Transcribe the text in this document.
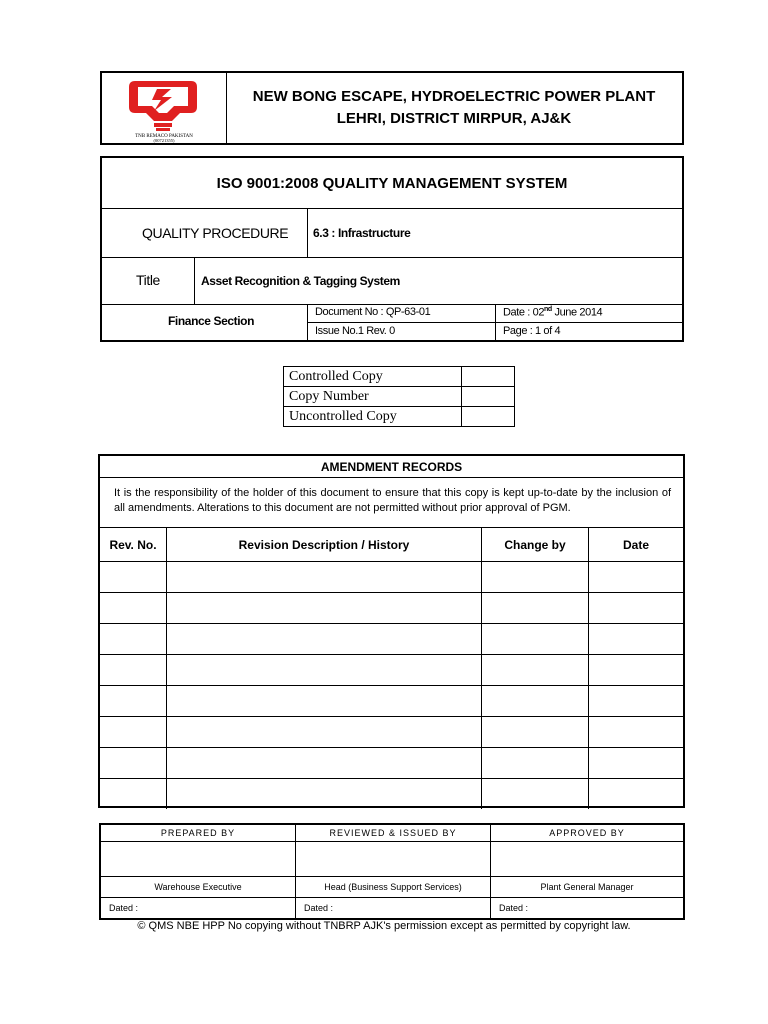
TNB REMACO PAKISTAN
(00721355)
NEW BONG ESCAPE, HYDROELECTRIC POWER PLANT
LEHRI, DISTRICT MIRPUR, AJ&K
ISO 9001:2008 QUALITY MANAGEMENT SYSTEM
QUALITY PROCEDURE 6.3 : Infrastructure
Title	Asset Recognition & Tagging System
Finance Section
Document No : QP-63-01	Date : 02nd June 2014
Issue No.1 Rev. 0	Page : 1 of 4
Controlled Copy	
Copy Number	
Uncontrolled Copy	
AMENDMENT RECORDS
It is the responsibility of the holder of this document to ensure that this copy is kept up-to-date by the inclusion of all amendments. Alterations to this document are not permitted without prior approval of PGM.
Rev. No.	Revision Description / History	Change by	Date

PREPARED BY	REVIEWED & ISSUED BY	APPROVED BY

Warehouse Executive	Head (Business Support Services)	Plant General Manager
Dated :	Dated :	Dated :
© QMS NBE HPP No copying without TNBRP AJK's permission except as permitted by copyright law.
